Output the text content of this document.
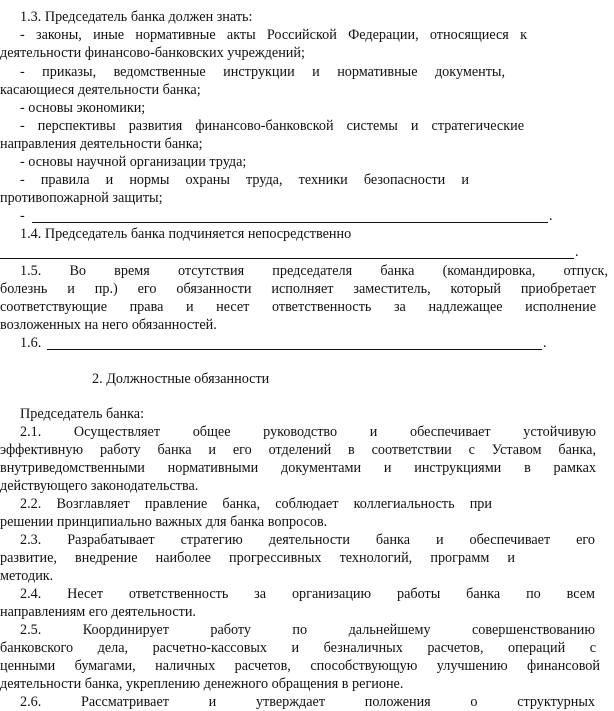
1.3. Председатель банка должен знать:
- законы, иные нормативные акты Российской Федерации, относящиеся к
деятельности финансово-банковских учреждений;
- приказы, ведомственные инструкции и нормативные документы,
касающиеся деятельности банка;
- основы экономики;
- перспективы развития финансово-банковской системы и стратегические
направления деятельности банка;
- основы научной организации труда;
- правила и нормы охраны труда, техники безопасности и
противопожарной защиты;
-	.
1.4. Председатель банка подчиняется непосредственно
.
1.5. Во время отсутствия председателя банка (командировка, отпуск,
болезнь и пр.) его обязанности исполняет заместитель, который приобретает
соответствующие права и несет ответственность за надлежащее исполнение
возложенных на него обязанностей.
1.6.	.
2. Должностные обязанности
Председатель банка:
2.1. Осуществляет общее руководство и обеспечивает устойчивую
эффективную работу банка и его отделений в соответствии с Уставом банка,
внутриведомственными нормативными документами и инструкциями в рамках
действующего законодательства.
2.2. Возглавляет правление банка, соблюдает коллегиальность при
решении принципиально важных для банка вопросов.
2.3. Разрабатывает стратегию деятельности банка и обеспечивает его
развитие, внедрение наиболее прогрессивных технологий, программ и
методик.
2.4. Несет ответственность за организацию работы банка по всем
направлениям его деятельности.
2.5. Координирует работу по дальнейшему совершенствованию
банковского дела, расчетно-кассовых и безналичных расчетов, операций с
ценными бумагами, наличных расчетов, способствующую улучшению финансовой
деятельности банка, укреплению денежного обращения в регионе.
2.6. Рассматривает и утверждает положения о структурных
